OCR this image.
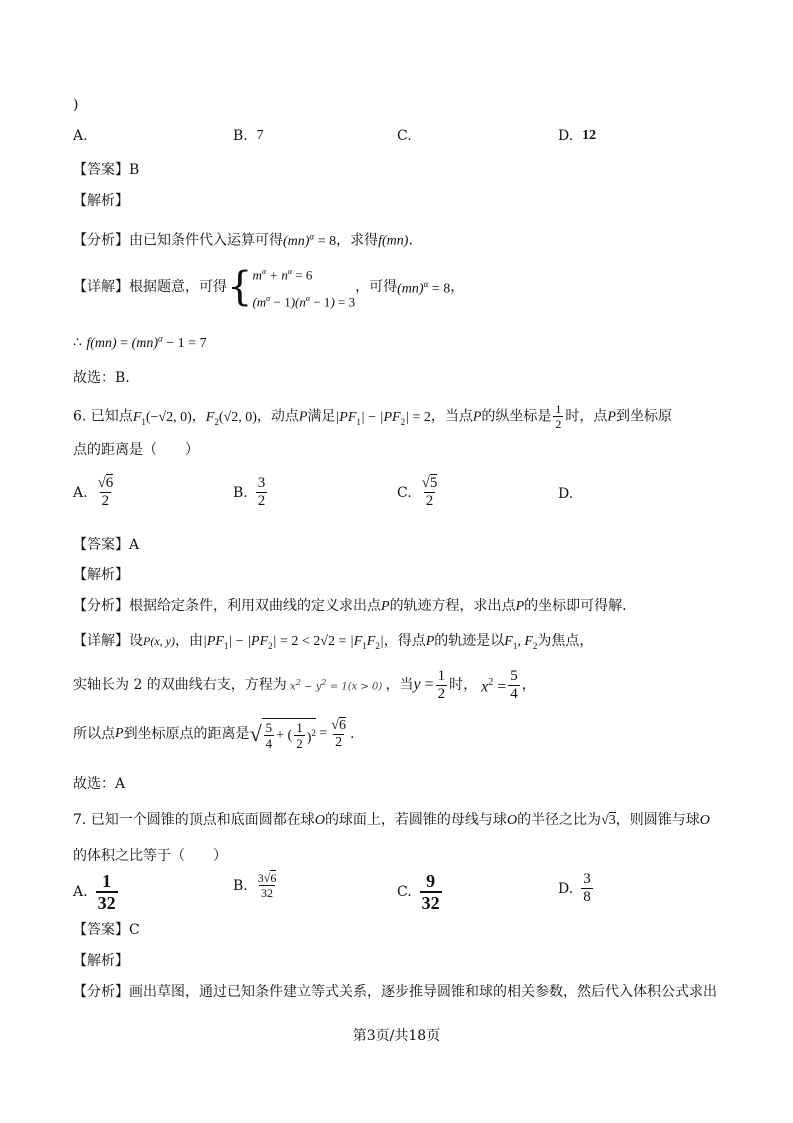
)
A.	B.
7	C.	D.
12
【答案】B
【解析】
【分析】由已知条件代入运算可得(mn)$^\alpha$ = 8，求得f(mn).
【详解】根据题意，可得 { $m^\alpha + n^\alpha = 6$
$(m^\alpha - 1)(n^\alpha - 1) = 3$
，可得 (mn)$^\alpha$ = 8 ，
∴ f(mn) = (mn)$^\alpha$ − 1 = 7
故选：B.
6. 已知点$F_1(-√2$, 0)，$F_2(√2$, 0)，动点P满足$|PF_1| - |PF_2| = 2$，当点P的纵坐标是 $\frac{1}{2}$ 时，点P到坐标原
点的距离是（　　）
A. $\frac{√6}{2}$	B. $\frac{3}{2}$	C. $\frac{√5}{2}$	D.
【答案】A
【解析】
【分析】根据给定条件，利用双曲线的定义求出点P的轨迹方程，求出点P的坐标即可得解.
【详解】设P(x, y)，由$|PF_1| - |PF_2| = 2 < 2√2 = |F_1F_2|$，得点P的轨迹是以$F_1$, $F_2$为焦点，
实轴长为 2 的双曲线右支，方程为 $x^2 - y^2 = 1(x > 0)$ ，当 $y = \frac{1}{2}$ 时， $x^2 = \frac{5}{4}$ ，
所以点 P 到坐标原点的距离是 √ $\frac{5}{4}$ + ( $\frac{1}{2} )^2 = \frac{√6}{2}$ .
故选：A
7. 已知一个圆锥的顶点和底面圆都在球O的球面上，若圆锥的母线与球O的半径之比为√3，则圆锥与球O
的体积之比等于（　　）
A. $\frac{1}{32}$	B. $\frac{3√6}{32}$	C. $\frac{9}{32}$	D. $\frac{3}{8}$
【答案】C
【解析】
【分析】画出草图，通过已知条件建立等式关系，逐步推导圆锥和球的相关参数，然后代入体积公式求出
第3页/共18页
